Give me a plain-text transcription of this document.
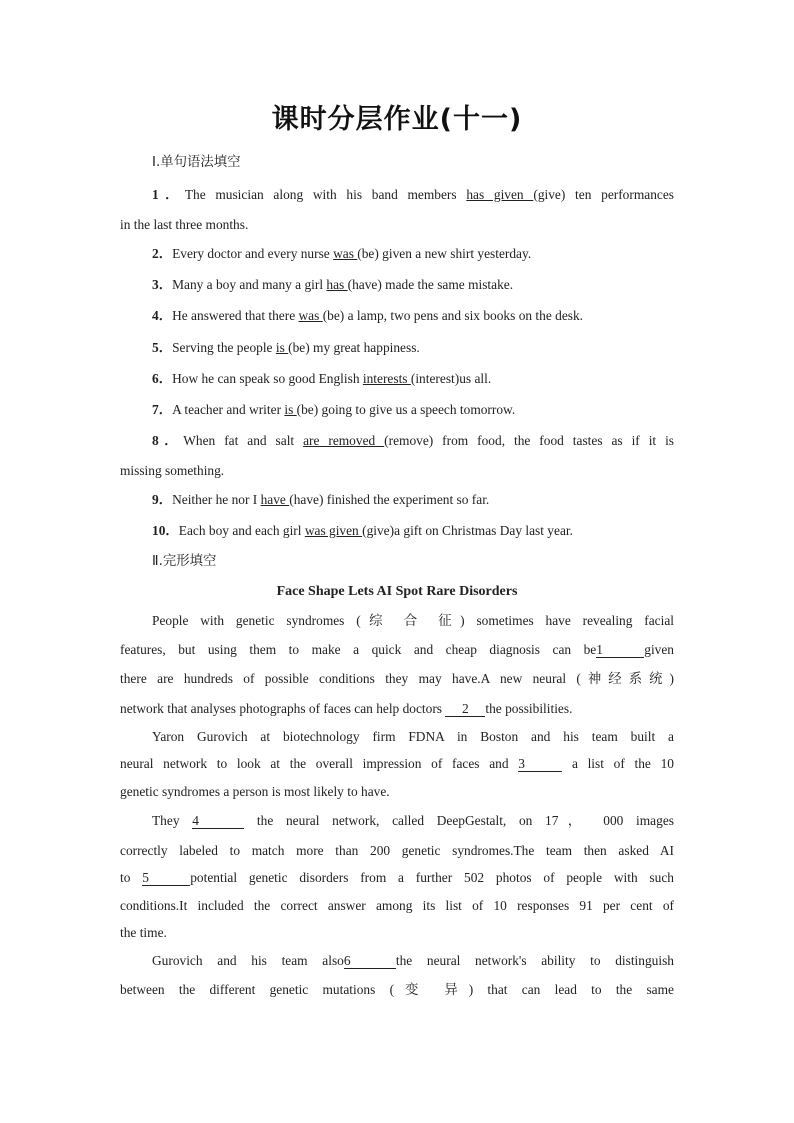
课时分层作业(十一)
Ⅰ.单句语法填空
1．The musician along with his band members has given (give) ten performances
in the last three months.
2．Every doctor and every nurse was (be) given a new shirt yesterday.
3．Many a boy and many a girl has (have) made the same mistake.
4．He answered that there was (be) a lamp, two pens and six books on the desk.
5．Serving the people is (be) my great happiness.
6．How he can speak so good English interests (interest)us all.
7．A teacher and writer is (be) going to give us a speech tomorrow.
8．When fat and salt are removed (remove) from food, the food tastes as if it is
missing something.
9．Neither he nor I have (have) finished the experiment so far.
10．Each boy and each girl was given (give)a gift on Christmas Day last year.
Ⅱ.完形填空
Face Shape Lets AI Spot Rare Disorders
People with genetic syndromes (综 合 征) sometimes have revealing facial
features, but using them to make a quick and cheap diagnosis can be1	given
there are hundreds of possible conditions they may have.A new neural (神经系统)
network that analyses photographs of faces can help doctors 2 the possibilities.
Yaron Gurovich at biotechnology firm FDNA in Boston and his team built a
neural network to look at the overall impression of faces and 3	a list of the 10
genetic syndromes a person is most likely to have.
They 4	the neural network, called DeepGestalt, on 17， 000 images
correctly labeled to match more than 200 genetic syndromes.The team then asked AI
to 5	potential genetic disorders from a further 502 photos of people with such
conditions.It included the correct answer among its list of 10 responses 91 per cent of
the time.
Gurovich and his team also6	the neural network's ability to distinguish
between the different genetic mutations (变 异) that can lead to the same
